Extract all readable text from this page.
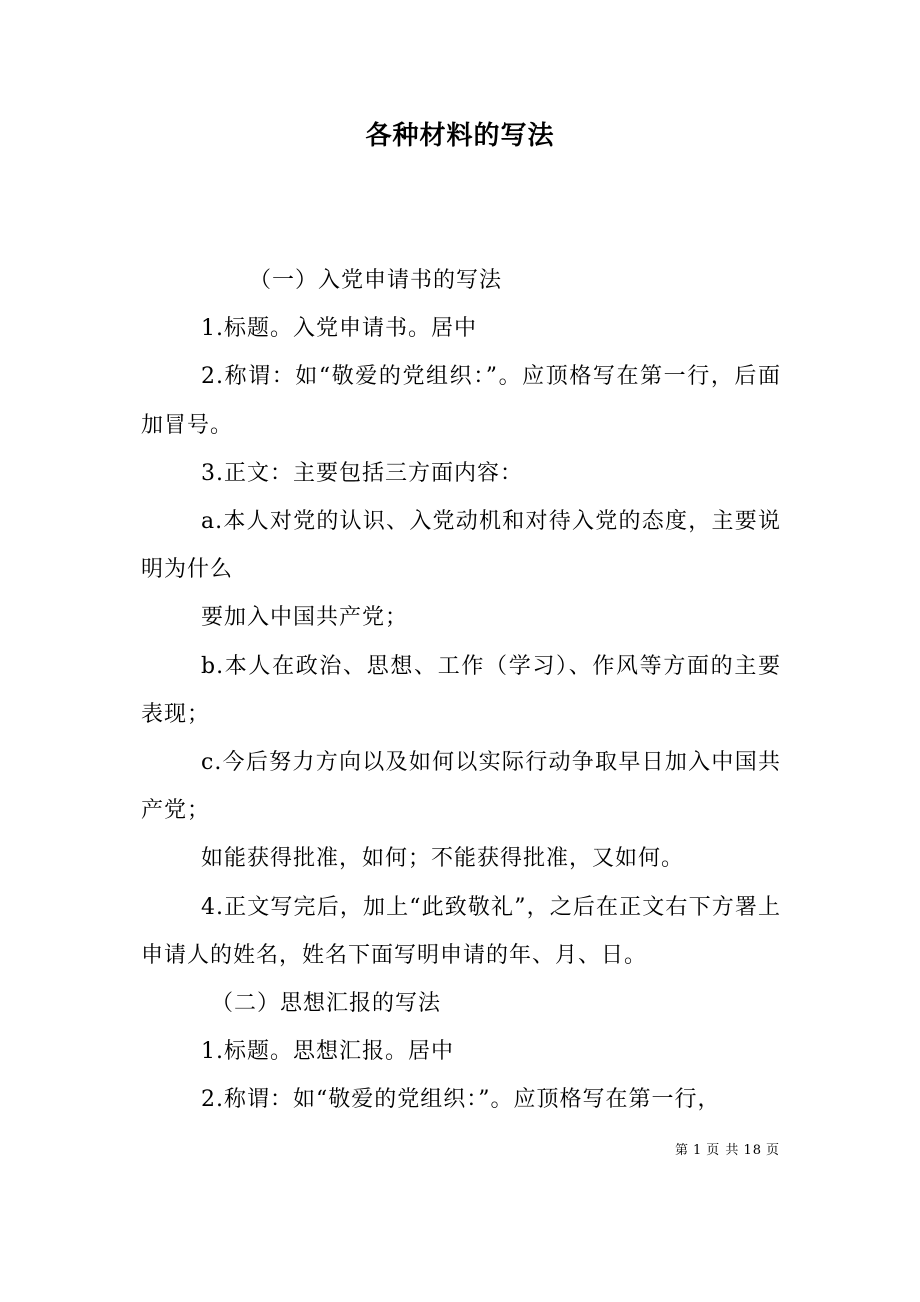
各种材料的写法

（一）入党申请书的写法

1.标题。入党申请书。居中

2.称谓：如“敬爱的党组织：”。应顶格写在第一行，后面加冒号。

3.正文：主要包括三方面内容：

a.本人对党的认识、入党动机和对待入党的态度，主要说明为什么

要加入中国共产党；

b.本人在政治、思想、工作（学习）、作风等方面的主要表现；

c.今后努力方向以及如何以实际行动争取早日加入中国共产党；

如能获得批准，如何；不能获得批准，又如何。

4.正文写完后，加上“此致敬礼”，之后在正文右下方署上申请人的姓名，姓名下面写明申请的年、月、日。

（二）思想汇报的写法

1.标题。思想汇报。居中

2.称谓：如“敬爱的党组织：”。应顶格写在第一行，

第 1 页 共 18 页
